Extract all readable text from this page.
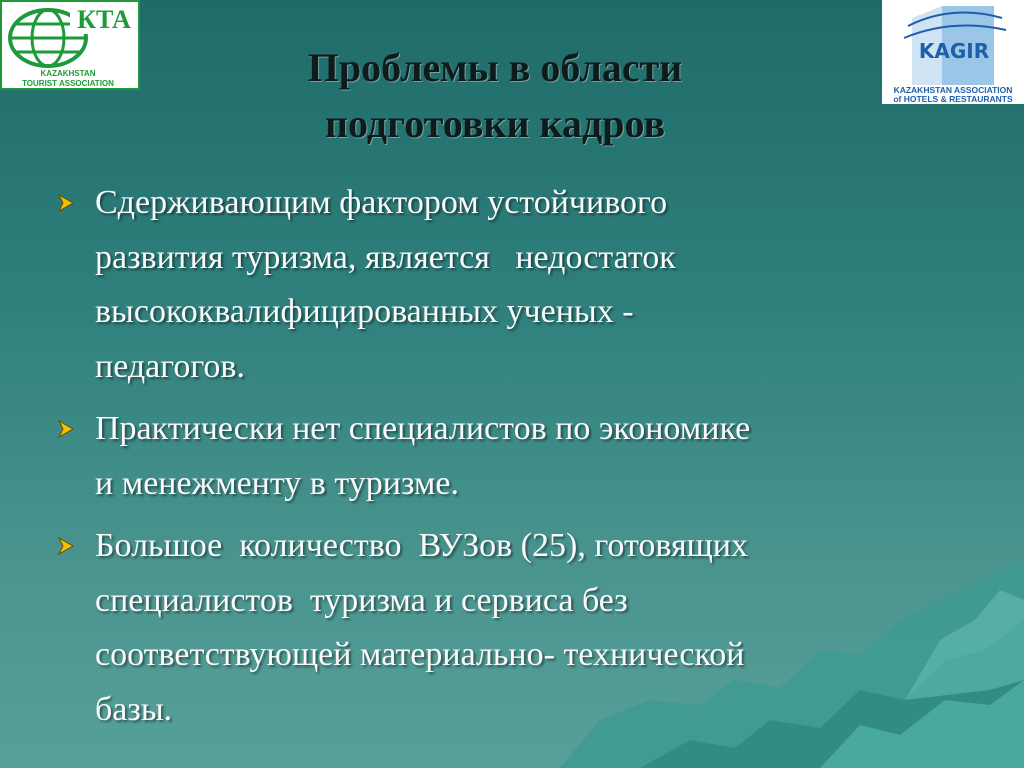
КТА
KAZAKHSTAN
TOURIST ASSOCIATION
KAGIR
KAZAKHSTAN ASSOCIATION
of HOTELS & RESTAURANTS
Проблемы в области
подготовки кадров
Сдерживающим фактором устойчивого
развития туризма, является   недостаток
высококвалифицированных ученых -
педагогов.
Практически нет специалистов по экономике
и менежменту в туризме.
Большое  количество  ВУЗов (25), готовящих
специалистов  туризма и сервиса без
соответствующей материально- технической
базы.
